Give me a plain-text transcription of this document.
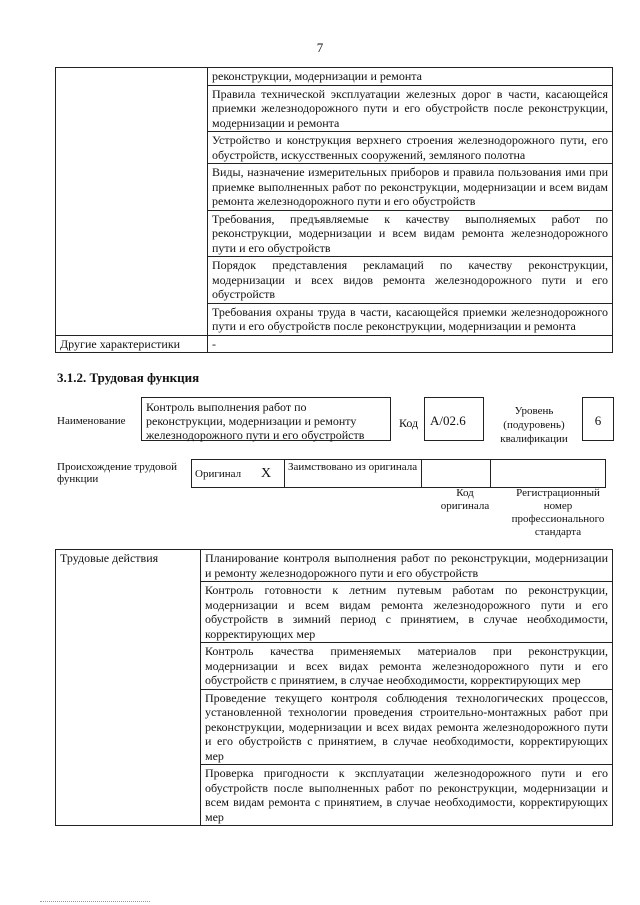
7
	реконструкции, модернизации и ремонта
	Правила технической эксплуатации железных дорог в части, касающейся приемки железнодорожного пути и его обустройств после реконструкции, модернизации и ремонта
	Устройство и конструкция верхнего строения железнодорожного пути, его обустройств, искусственных сооружений, земляного полотна
	Виды, назначение измерительных приборов и правила пользования ими при приемке выполненных работ по реконструкции, модернизации и всем видам ремонта железнодорожного пути и его обустройств
	Требования, предъявляемые к качеству выполняемых работ по реконструкции, модернизации и всем видам ремонта железнодорожного пути и его обустройств
	Порядок представления рекламаций по качеству реконструкции, модернизации и всех видов ремонта железнодорожного пути и его обустройств
	Требования охраны труда в части, касающейся приемки железнодорожного пути и его обустройств после реконструкции, модернизации и ремонта
Другие характеристики	-
3.1.2. Трудовая функция
Наименование
Контроль выполнения работ по реконструкции, модернизации и ремонту железнодорожного пути и его обустройств
Код A/02.6
Уровень (подуровень) квалификации
6
Происхождение трудовой функции	Оригинал	X	Заимствовано из оригинала		
Код оригинала
Регистрационный номер профессионального стандарта
Трудовые действия	Планирование контроля выполнения работ по реконструкции, модернизации и ремонту железнодорожного пути и его обустройств
Контроль готовности к летним путевым работам по реконструкции, модернизации и всем видам ремонта железнодорожного пути и его обустройств в зимний период с принятием, в случае необходимости, корректирующих мер
Контроль качества применяемых материалов при реконструкции, модернизации и всех видах ремонта железнодорожного пути и его обустройств с принятием, в случае необходимости, корректирующих мер
Проведение текущего контроля соблюдения технологических процессов, установленной технологии проведения строительно-монтажных работ при реконструкции, модернизации и всех видах ремонта железнодорожного пути и его обустройств с принятием, в случае необходимости, корректирующих мер
Проверка пригодности к эксплуатации железнодорожного пути и его обустройств после выполненных работ по реконструкции, модернизации и всем видам ремонта с принятием, в случае необходимости, корректирующих мер
